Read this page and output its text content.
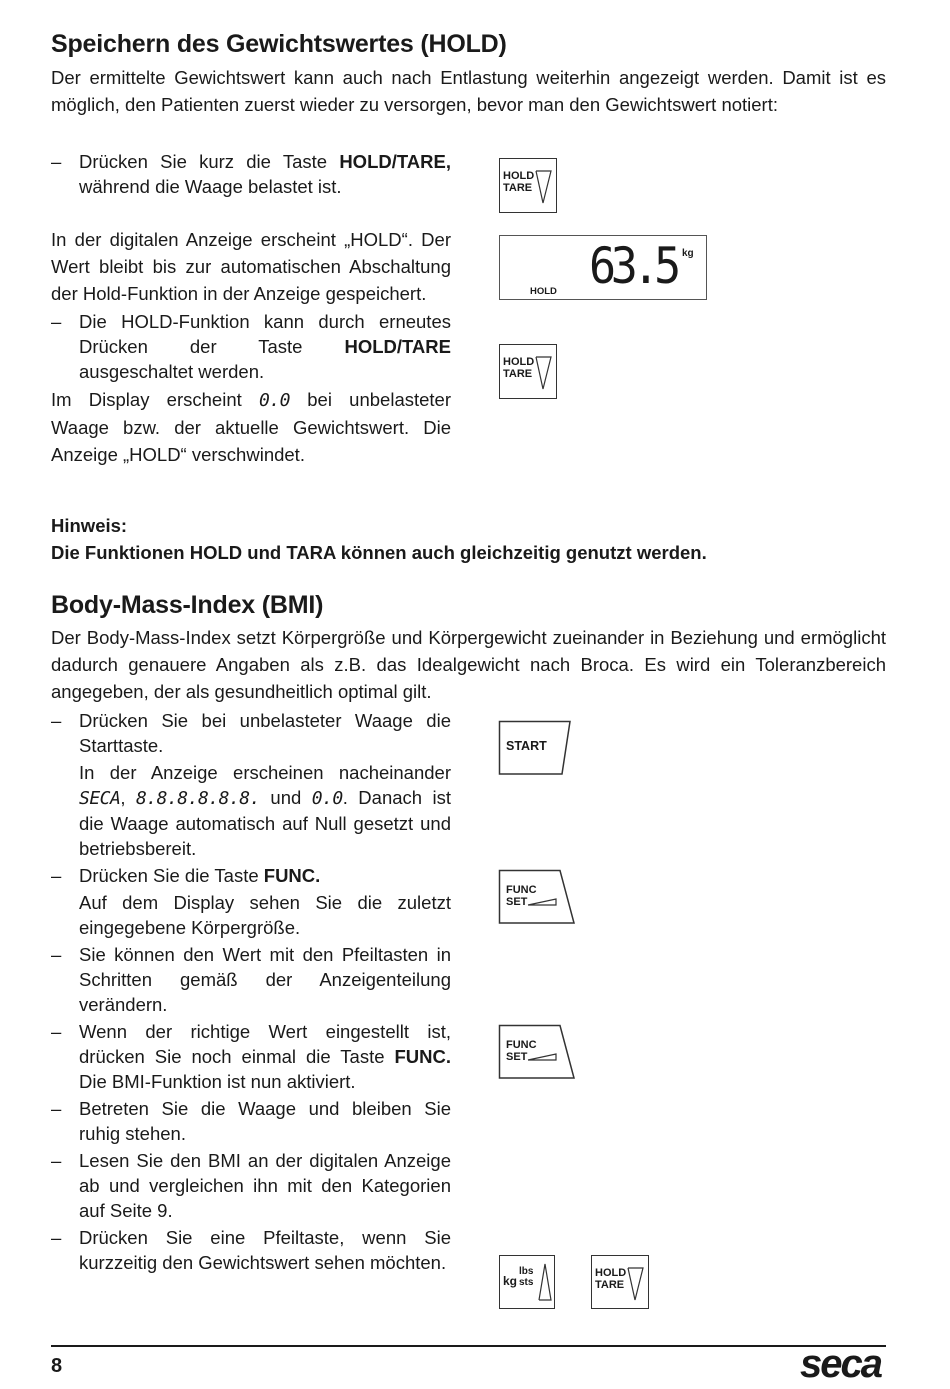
Speichern des Gewichtswertes (HOLD)
Der ermittelte Gewichtswert kann auch nach Entlastung weiterhin angezeigt werden. Damit ist es möglich, den Patienten zuerst wieder zu versorgen, bevor man den Gewichtswert notiert:
– Drücken Sie kurz die Taste HOLD/TARE, während die Waage belastet ist.
In der digitalen Anzeige erscheint „HOLD“. Der Wert bleibt bis zur automatischen Abschaltung der Hold-Funktion in der Anzeige gespeichert.
– Die HOLD-Funktion kann durch erneutes Drücken der Taste HOLD/TARE ausgeschaltet werden.
Im Display erscheint 0.0 bei unbelasteter Waage bzw. der aktuelle Gewichtswert. Die Anzeige „HOLD“ verschwindet.
HOLD
TARE
HOLD 63.5 kg
HOLD
TARE
Hinweis:
Die Funktionen HOLD und TARA können auch gleichzeitig genutzt werden.
Body-Mass-Index (BMI)
Der Body-Mass-Index setzt Körpergröße und Körpergewicht zueinander in Beziehung und ermöglicht dadurch genauere Angaben als z.B. das Idealgewicht nach Broca. Es wird ein Toleranzbereich angegeben, der als gesundheitlich optimal gilt.
– Drücken Sie bei unbelasteter Waage die Starttaste.
In der Anzeige erscheinen nacheinander SECA, 8.8.8.8.8.8. und 0.0. Danach ist die Waage automatisch auf Null gesetzt und betriebsbereit.
– Drücken Sie die Taste FUNC.
Auf dem Display sehen Sie die zuletzt eingegebene Körpergröße.
– Sie können den Wert mit den Pfeiltasten in Schritten gemäß der Anzeigenteilung verändern.
– Wenn der richtige Wert eingestellt ist, drücken Sie noch einmal die Taste FUNC. Die BMI-Funktion ist nun aktiviert.
– Betreten Sie die Waage und bleiben Sie ruhig stehen.
– Lesen Sie den BMI an der digitalen Anzeige ab und vergleichen ihn mit den Kategorien auf Seite 9.
– Drücken Sie eine Pfeiltaste, wenn Sie kurzzeitig den Gewichtswert sehen möchten.
START
FUNC
SET
FUNC
SET
kg
lbs
sts
HOLD
TARE
8	seca
